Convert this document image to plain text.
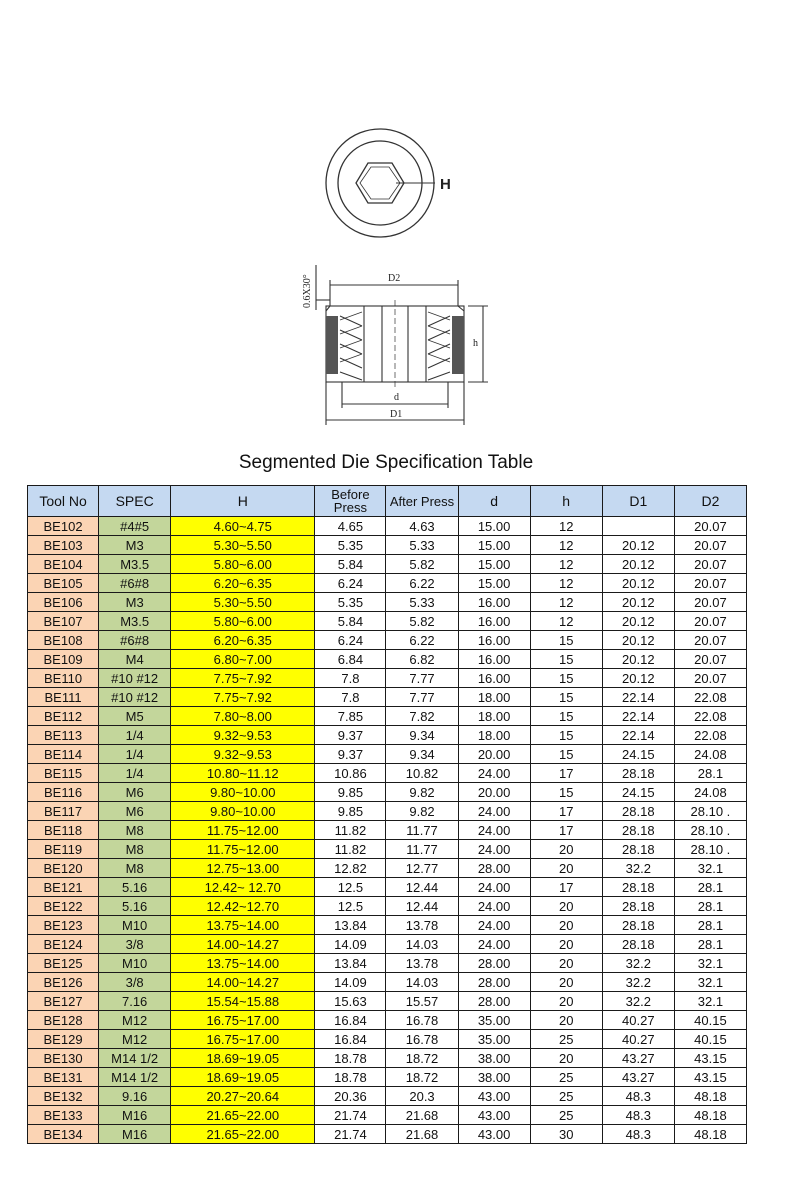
H
0.6X30°	D2
h
d
D1
Segmented Die Specification Table
Tool No	SPEC	H	Before Press	After Press	d	h	D1	D2
BE102	#4#5	4.60~4.75	4.65	4.63	15.00	12		20.07
BE103	M3	5.30~5.50	5.35	5.33	15.00	12	20.12	20.07
BE104	M3.5	5.80~6.00	5.84	5.82	15.00	12	20.12	20.07
BE105	#6#8	6.20~6.35	6.24	6.22	15.00	12	20.12	20.07
BE106	M3	5.30~5.50	5.35	5.33	16.00	12	20.12	20.07
BE107	M3.5	5.80~6.00	5.84	5.82	16.00	12	20.12	20.07
BE108	#6#8	6.20~6.35	6.24	6.22	16.00	15	20.12	20.07
BE109	M4	6.80~7.00	6.84	6.82	16.00	15	20.12	20.07
BE110	#10 #12	7.75~7.92	7.8	7.77	16.00	15	20.12	20.07
BE111	#10 #12	7.75~7.92	7.8	7.77	18.00	15	22.14	22.08
BE112	M5	7.80~8.00	7.85	7.82	18.00	15	22.14	22.08
BE113	1/4	9.32~9.53	9.37	9.34	18.00	15	22.14	22.08
BE114	1/4	9.32~9.53	9.37	9.34	20.00	15	24.15	24.08
BE115	1/4	10.80~11.12	10.86	10.82	24.00	17	28.18	28.1
BE116	M6	9.80~10.00	9.85	9.82	20.00	15	24.15	24.08
BE117	M6	9.80~10.00	9.85	9.82	24.00	17	28.18	28.10 .
BE118	M8	11.75~12.00	11.82	11.77	24.00	17	28.18	28.10 .
BE119	M8	11.75~12.00	11.82	11.77	24.00	20	28.18	28.10 .
BE120	M8	12.75~13.00	12.82	12.77	28.00	20	32.2	32.1
BE121	5.16	12.42~ 12.70	12.5	12.44	24.00	17	28.18	28.1
BE122	5.16	12.42~12.70	12.5	12.44	24.00	20	28.18	28.1
BE123	M10	13.75~14.00	13.84	13.78	24.00	20	28.18	28.1
BE124	3/8	14.00~14.27	14.09	14.03	24.00	20	28.18	28.1
BE125	M10	13.75~14.00	13.84	13.78	28.00	20	32.2	32.1
BE126	3/8	14.00~14.27	14.09	14.03	28.00	20	32.2	32.1
BE127	7.16	15.54~15.88	15.63	15.57	28.00	20	32.2	32.1
BE128	M12	16.75~17.00	16.84	16.78	35.00	20	40.27	40.15
BE129	M12	16.75~17.00	16.84	16.78	35.00	25	40.27	40.15
BE130	M14 1/2	18.69~19.05	18.78	18.72	38.00	20	43.27	43.15
BE131	M14 1/2	18.69~19.05	18.78	18.72	38.00	25	43.27	43.15
BE132	9.16	20.27~20.64	20.36	20.3	43.00	25	48.3	48.18
BE133	M16	21.65~22.00	21.74	21.68	43.00	25	48.3	48.18
BE134	M16	21.65~22.00	21.74	21.68	43.00	30	48.3	48.18
